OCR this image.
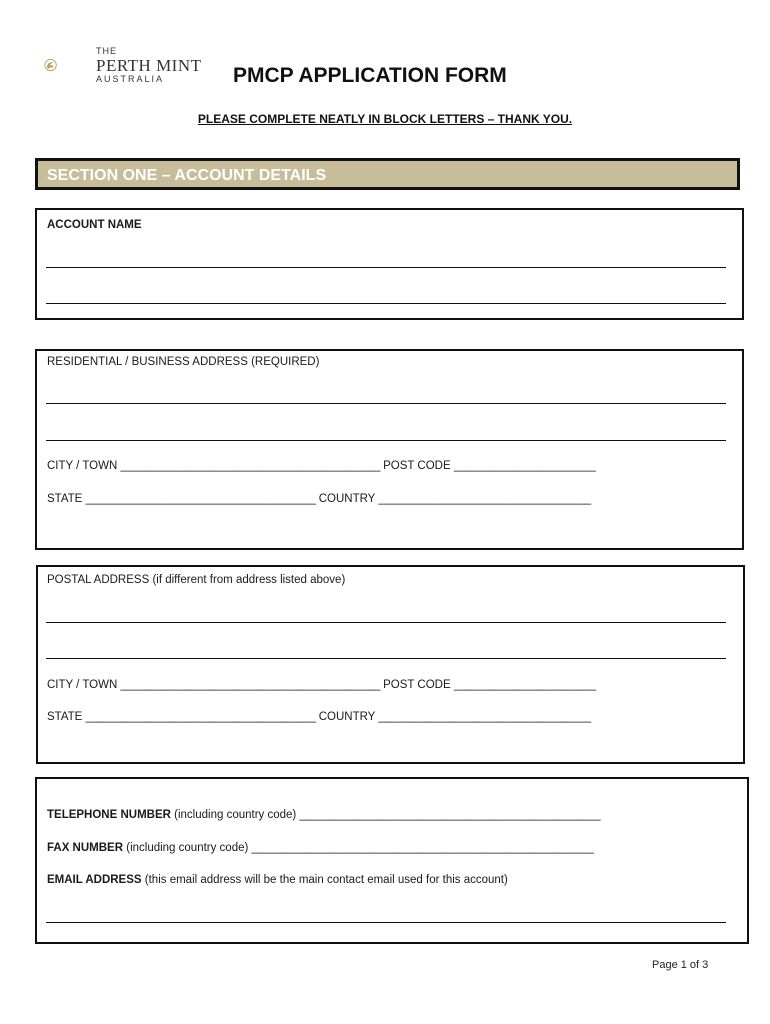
THE
PERTH MINT
AUSTRALIA	PMCP APPLICATION FORM
PLEASE COMPLETE NEATLY IN BLOCK LETTERS – THANK YOU.
SECTION ONE – ACCOUNT DETAILS
ACCOUNT NAME
RESIDENTIAL / BUSINESS ADDRESS (REQUIRED)
CITY / TOWN ____________________________________________ POST CODE ________________________
STATE _______________________________________ COUNTRY ____________________________________
POSTAL ADDRESS (if different from address listed above)
CITY / TOWN ____________________________________________ POST CODE ________________________
STATE _______________________________________ COUNTRY ____________________________________
TELEPHONE NUMBER (including country code) ___________________________________________________
FAX NUMBER (including country code) __________________________________________________________
EMAIL ADDRESS (this email address will be the main contact email used for this account)
Page 1 of 3
